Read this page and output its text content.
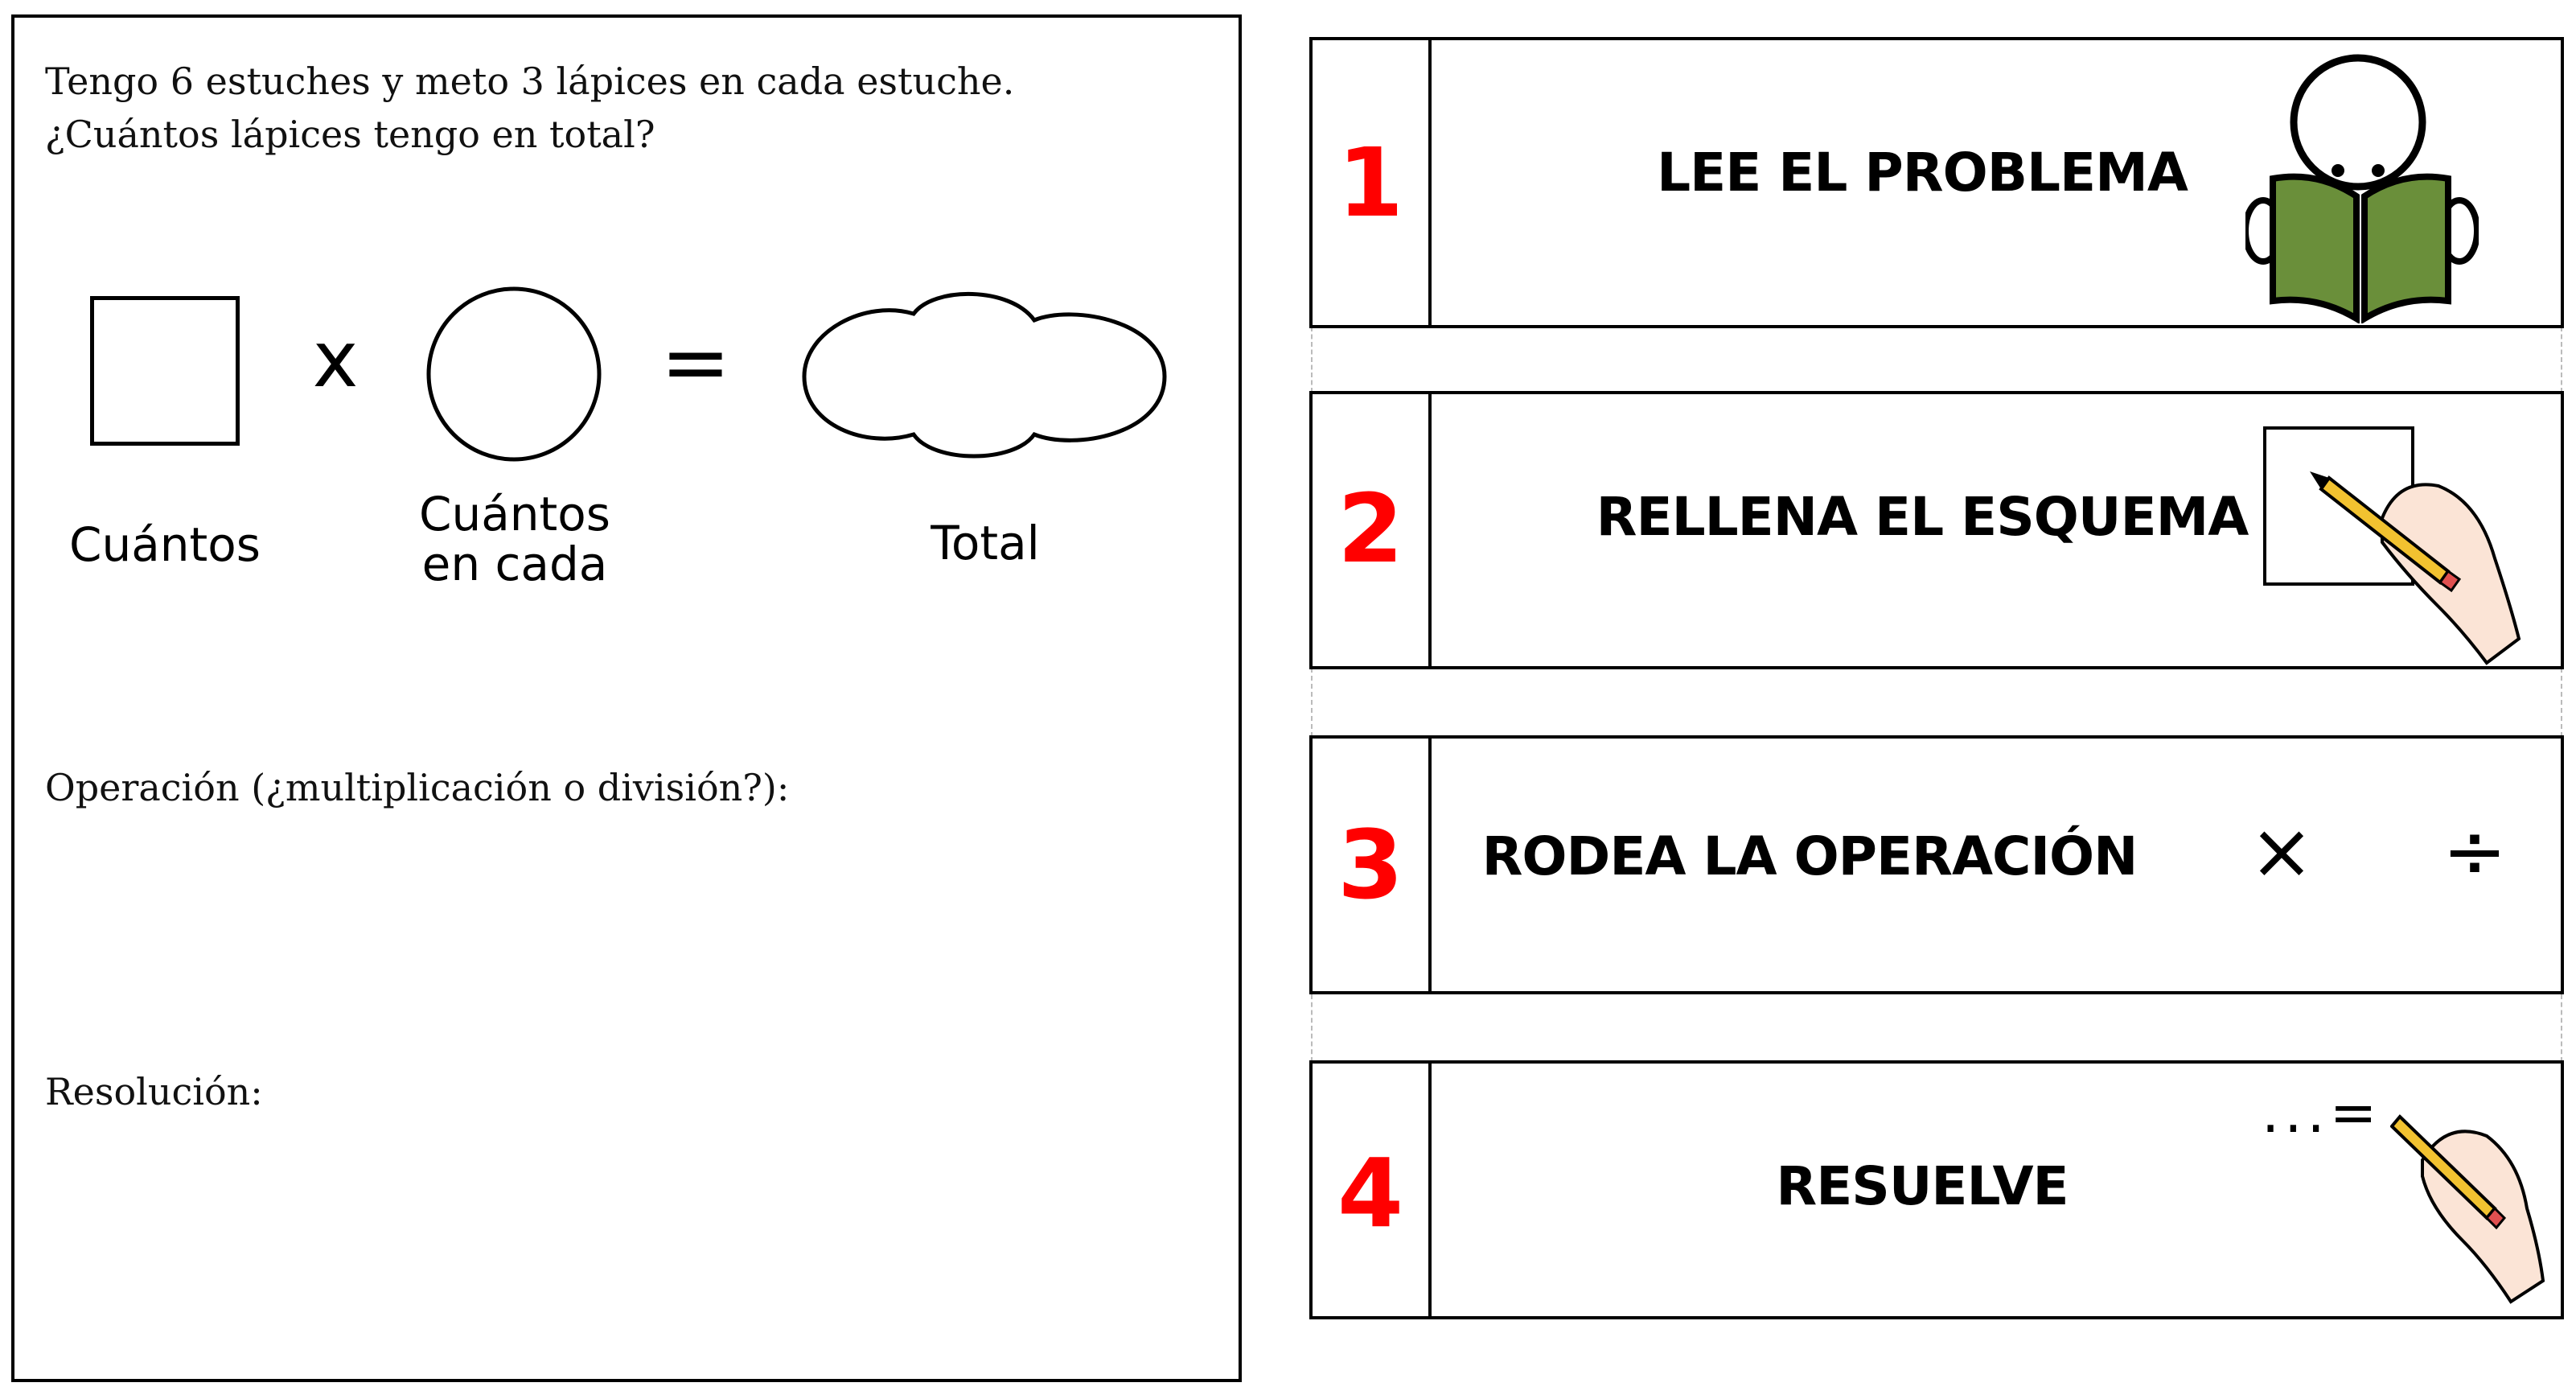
Tengo 6 estuches y meto 3 lápices en cada estuche. ¿Cuántos lápices tengo en total?
x	=
Cuántos
Cuántos
en cada	Total
Operación (¿multiplicación o división?):
Resolución:
1	LEE EL PROBLEMA
2	RELLENA EL ESQUEMA
3	RODEA LA OPERACIÓN	× ÷
4	RESUELVE
...=
